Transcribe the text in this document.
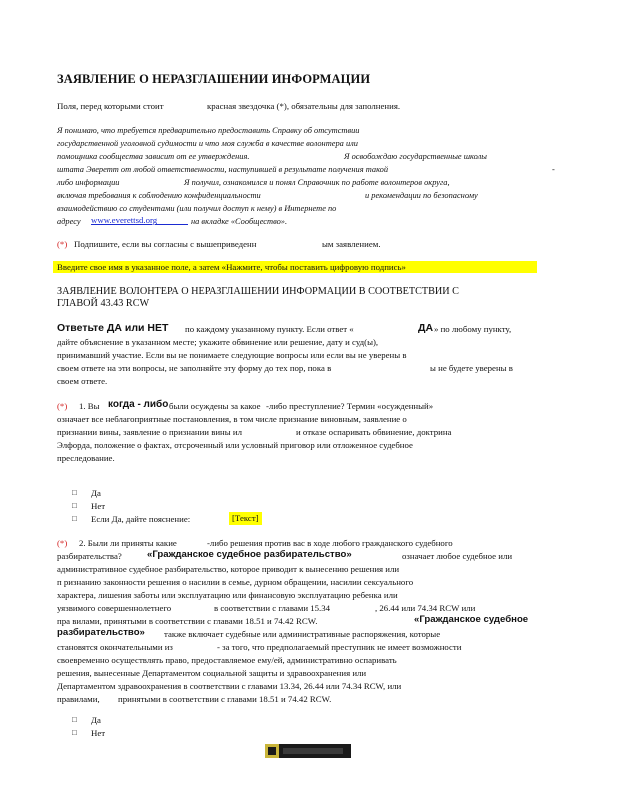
ЗАЯВЛЕНИЕ О НЕРАЗГЛАШЕНИИ ИНФОРМАЦИИ
Поля, перед которыми стоит	красная звездочка (*), обязательны для заполнения.
Я понимаю, что требуется предварительно предоставить Справку об отсутствии
государственной уголовной судимости и что моя служба в качестве волонтера или
помощника сообщества зависит от ее утверждения.	Я освобождаю государственные школы
штата Эверетт от любой ответственности, наступившей в результате получения такой	-
либо информации	Я получил, ознакомился и понял Справочник по работе волонтеров округа,
включая требования к соблюдению конфиденциальности	и рекомендации по безопасному
взаимодействию со студентами (или получил доступ к нему) в Интернете по
адресу www.everettsd.org	на вкладке «Сообщество».
(*) Подпишите, если вы согласны с вышеприведенн	ым заявлением.
Введите свое имя в указанное поле, а затем «Нажмите, чтобы поставить цифровую подпись»
ЗАЯВЛЕНИЕ ВОЛОНТЕРА О НЕРАЗГЛАШЕНИИ ИНФОРМАЦИИ В СООТВЕТСТВИИ С
ГЛАВОЙ 43.43 RCW
Ответьте ДА или НЕТ по каждому указанному пункту. Если ответ «	ДА » по любому пункту,
дайте объяснение в указанном месте; укажите обвинение или решение, дату и суд(ы),
принимавший участие. Если вы не понимаете следующие вопросы или если вы не уверены в
своем ответе на эти вопросы, не заполняйте эту форму до тех пор, пока в	ы не будете уверены в
своем ответе.
(*) 1. Вы когда - либо были осуждены за какое -либо преступление? Термин «осужденный»
означает все неблагоприятные постановления, в том числе признание виновным, заявление о
признании вины, заявление о признании вины ил	и отказе оспаривать обвинение, доктрина
Элфорда, положение о фактах, отсроченный или условный приговор или отложенное судебное
преследование.
□ Да
□ Нет
□ Если Да, дайте пояснение:	[Текст]
(*) 2. Были ли приняты какие	-либо решения против вас в ходе любого гражданского судебного
разбирательства?	«Гражданское судебное разбирательство»	означает любое судебное или
административное судебное разбирательство, которое приводит к вынесению решения или
п ризнанию законности решения о насилии в семье, дурном обращении, насилии сексуального
характера, лишения заботы или эксплуатацию или финансовую эксплуатацию ребенка или
уязвимого совершеннолетнего	в соответствии с главами 15.34	, 26.44 или 74.34 RCW или
пра вилами, принятыми в соответствии с главами 18.51 и 74.42 RCW.	«Гражданское судебное
разбирательство» также включает судебные или административные распоряжения, которые
становятся окончательными из	- за того, что предполагаемый преступник не имеет возможности
своевременно осуществлять право, предоставляемое ему/ей, административно оспаривать
решения, вынесенные Департаментом социальной защиты и здравоохранения или
Департаментом здравоохранения в соответствии с главами 13.34, 26.44 или 74.34 RCW, или
правилами, принятыми в соответствии с главами 18.51 и 74.42 RCW.
□ Да
□ Нет
